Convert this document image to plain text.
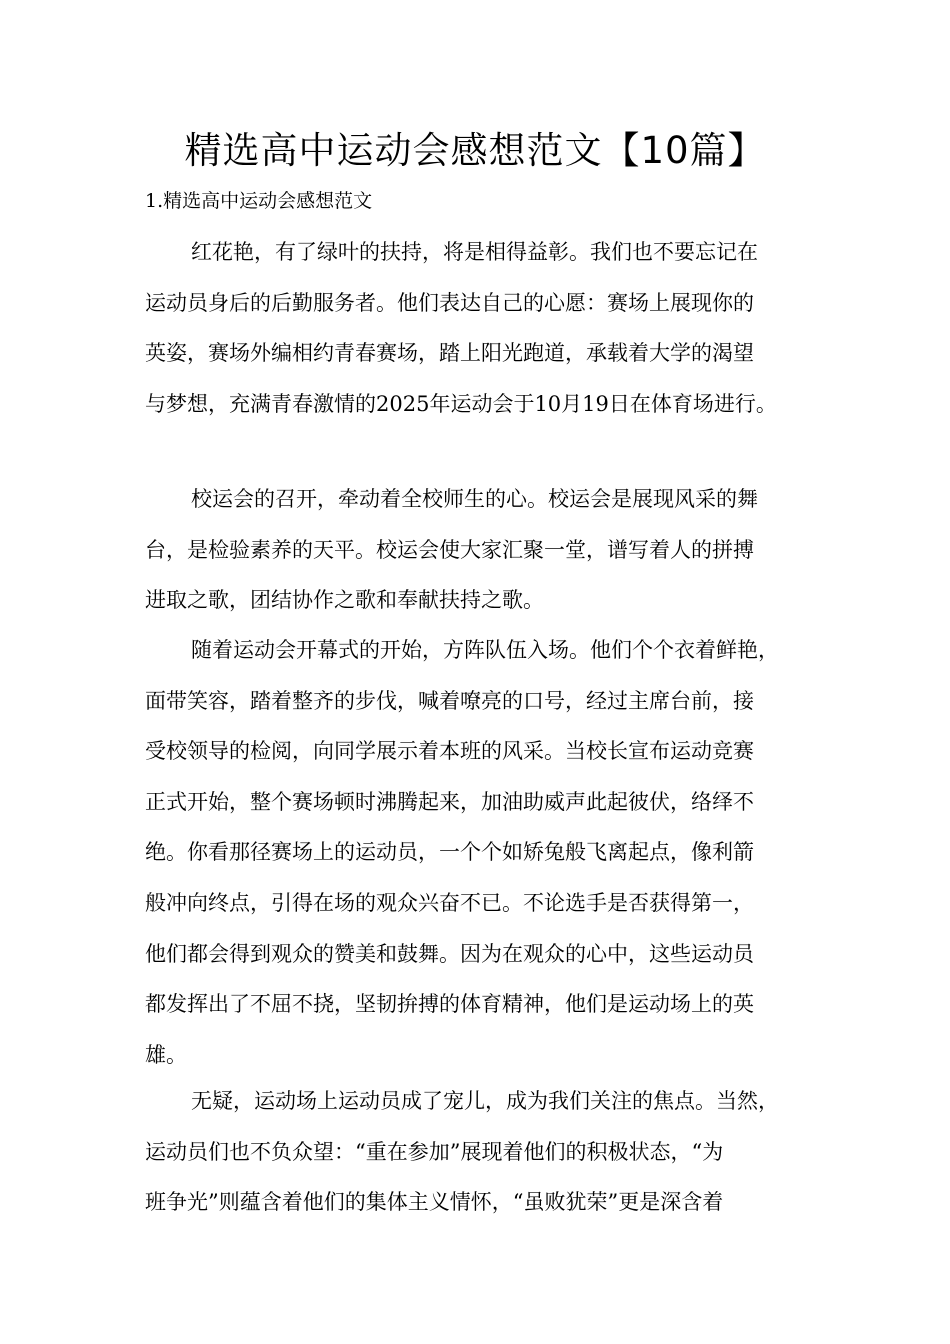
精选高中运动会感想范文【10篇】
1.精选高中运动会感想范文
红花艳，有了绿叶的扶持，将是相得益彰。我们也不要忘记在
运动员身后的后勤服务者。他们表达自己的心愿：赛场上展现你的
英姿，赛场外编相约青春赛场，踏上阳光跑道，承载着大学的渴望
与梦想，充满青春激情的2025年运动会于10月19日在体育场进行。
校运会的召开，牵动着全校师生的心。校运会是展现风采的舞
台，是检验素养的天平。校运会使大家汇聚一堂，谱写着人的拼搏
进取之歌，团结协作之歌和奉献扶持之歌。
随着运动会开幕式的开始，方阵队伍入场。他们个个衣着鲜艳，
面带笑容，踏着整齐的步伐，喊着嘹亮的口号，经过主席台前，接
受校领导的检阅，向同学展示着本班的风采。当校长宣布运动竞赛
正式开始，整个赛场顿时沸腾起来，加油助威声此起彼伏，络绎不
绝。你看那径赛场上的运动员，一个个如矫兔般飞离起点，像利箭
般冲向终点，引得在场的观众兴奋不已。不论选手是否获得第一，
他们都会得到观众的赞美和鼓舞。因为在观众的心中，这些运动员
都发挥出了不屈不挠，坚韧拚搏的体育精神，他们是运动场上的英
雄。
无疑，运动场上运动员成了宠儿，成为我们关注的焦点。当然，
运动员们也不负众望：“重在参加”展现着他们的积极状态，“为
班争光”则蕴含着他们的集体主义情怀，“虽败犹荣”更是深含着
